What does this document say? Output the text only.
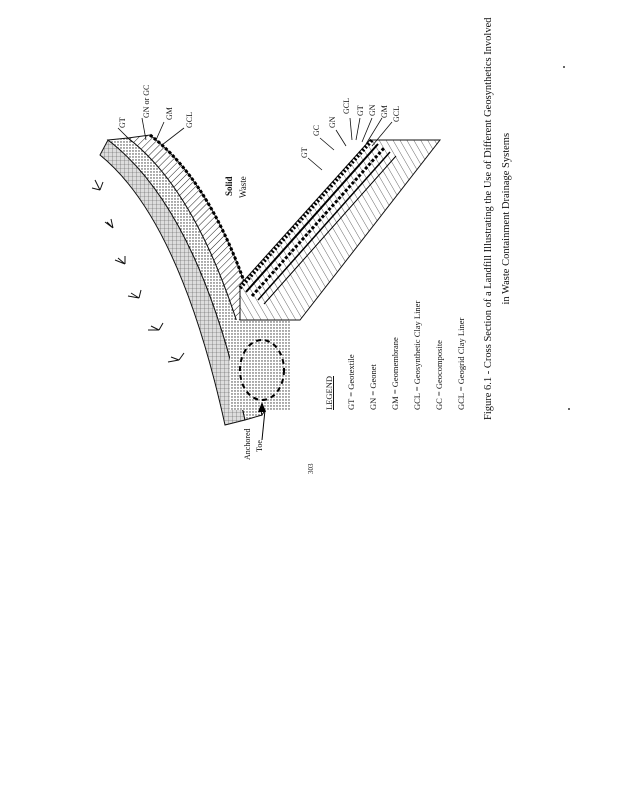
GT
GN or GC GM GCL
Solid Waste
GT
GC
GN
GCL GT GN GM GCL
Anchored Toe
LEGEND	GT = Geotextile	GN = Geonet	GM = Geomembrane	GCL = Geosynthetic Clay Liner	GC = Geocomposite	GCL = Geogrid Clay Liner	Figure 6.1 - Cross Section of a Landfill Illustrating the Use of Different Geosynthetics Involved in Waste Containment Drainage Systems
303
